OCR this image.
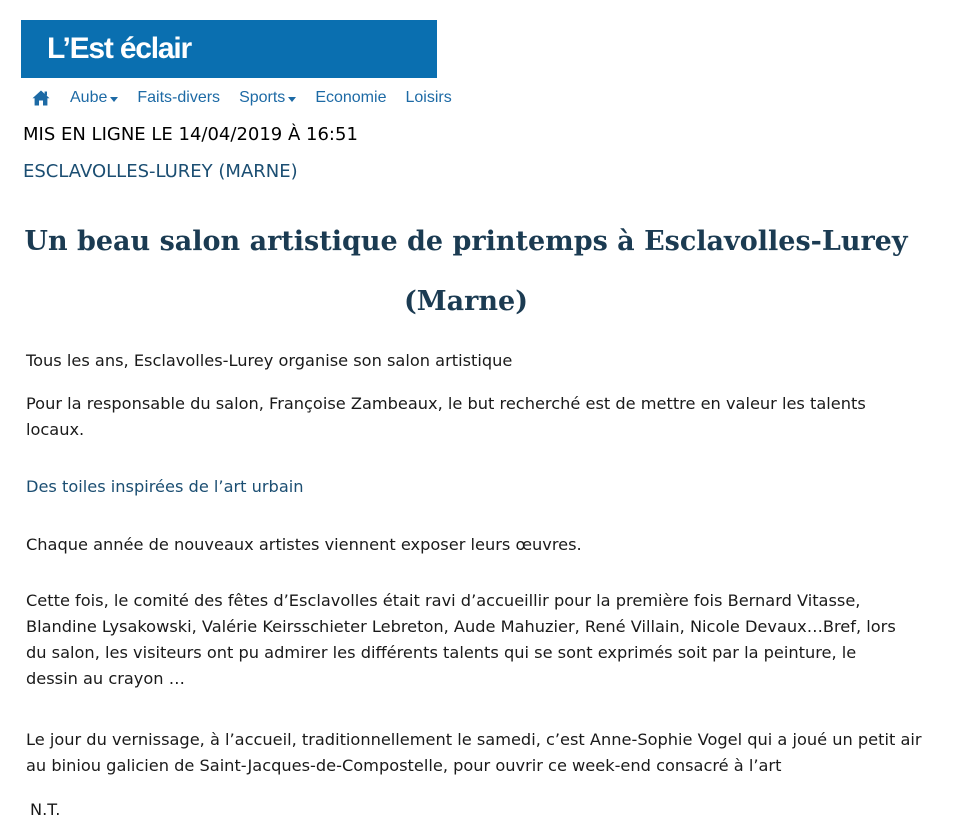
L’Est éclair
Aube Faits-divers Sports Economie Loisirs
MIS EN LIGNE LE 14/04/2019 À 16:51
ESCLAVOLLES-LUREY (MARNE)
Un beau salon artistique de printemps à Esclavolles-Lurey (Marne)

Tous les ans, Esclavolles-Lurey organise son salon artistique

Pour la responsable du salon, Françoise Zambeaux, le but recherché est de mettre en valeur les talents locaux.

Des toiles inspirées de l’art urbain

Chaque année de nouveaux artistes viennent exposer leurs œuvres.

Cette fois, le comité des fêtes d’Esclavolles était ravi d’accueillir pour la première fois Bernard Vitasse, Blandine Lysakowski, Valérie Keirsschieter Lebreton, Aude Mahuzier, René Villain, Nicole Devaux…Bref, lors du salon, les visiteurs ont pu admirer les différents talents qui se sont exprimés soit par la peinture, le dessin au crayon …

Le jour du vernissage, à l’accueil, traditionnellement le samedi, c’est Anne-Sophie Vogel qui a joué un petit air au biniou galicien de Saint-Jacques-de-Compostelle, pour ouvrir ce week-end consacré à l’art

N.T.
